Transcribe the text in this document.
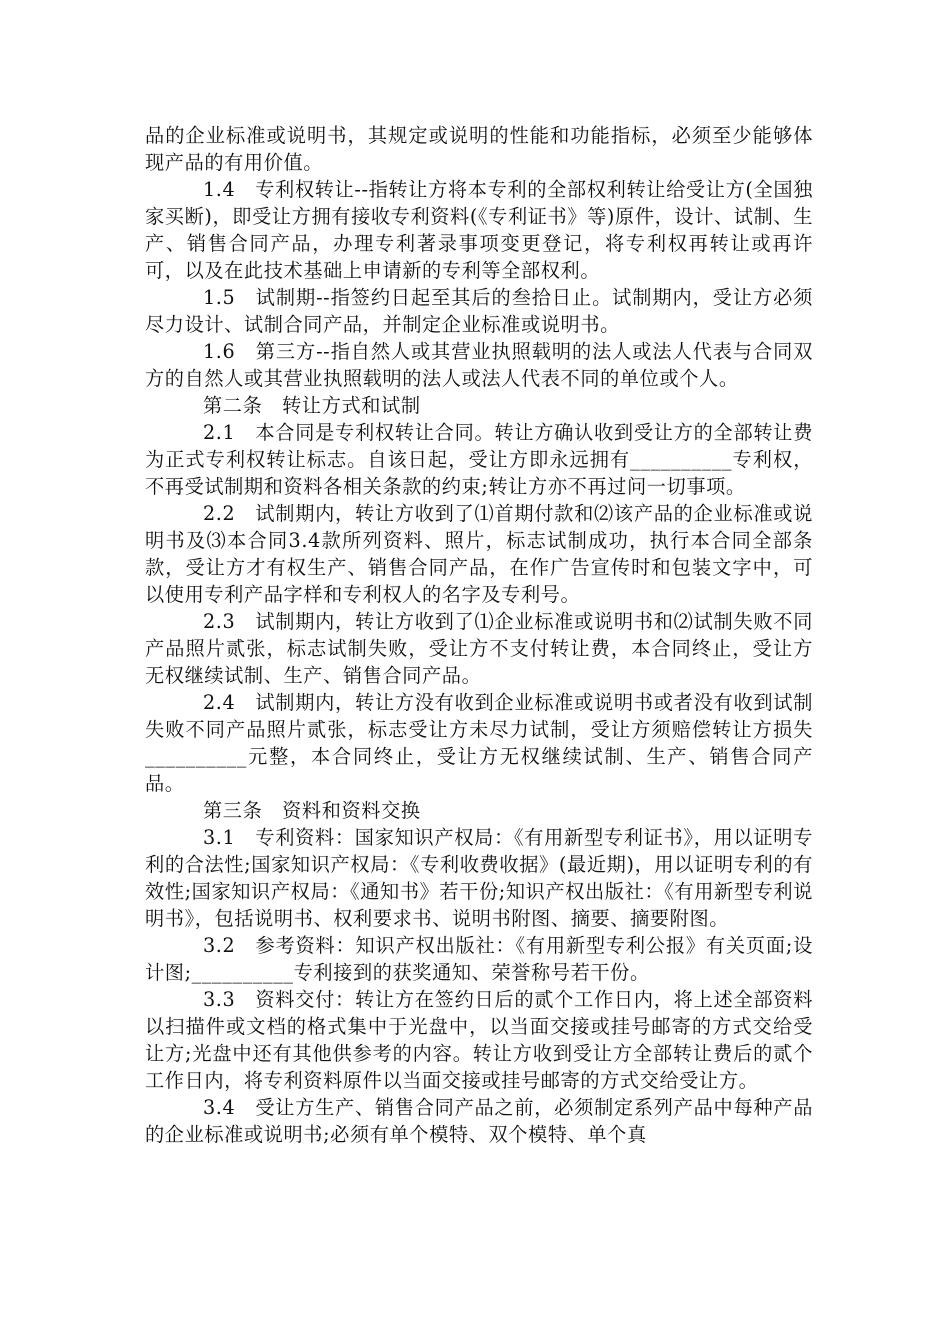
品的企业标准或说明书，其规定或说明的性能和功能指标，必须至少能够体现产品的有用价值。

1.4　专利权转让--指转让方将本专利的全部权利转让给受让方(全国独家买断)，即受让方拥有接收专利资料(《专利证书》等)原件，设计、试制、生产、销售合同产品，办理专利著录事项变更登记，将专利权再转让或再许可，以及在此技术基础上申请新的专利等全部权利。

1.5　试制期--指签约日起至其后的叁拾日止。试制期内，受让方必须尽力设计、试制合同产品，并制定企业标准或说明书。

1.6　第三方--指自然人或其营业执照载明的法人或法人代表与合同双方的自然人或其营业执照载明的法人或法人代表不同的单位或个人。

第二条　转让方式和试制

2.1　本合同是专利权转让合同。转让方确认收到受让方的全部转让费为正式专利权转让标志。自该日起，受让方即永远拥有__________专利权，不再受试制期和资料各相关条款的约束;转让方亦不再过问一切事项。

2.2　试制期内，转让方收到了⑴首期付款和⑵该产品的企业标准或说明书及⑶本合同3.4款所列资料、照片，标志试制成功，执行本合同全部条款，受让方才有权生产、销售合同产品，在作广告宣传时和包装文字中，可以使用专利产品字样和专利权人的名字及专利号。

2.3　试制期内，转让方收到了⑴企业标准或说明书和⑵试制失败不同产品照片贰张，标志试制失败，受让方不支付转让费，本合同终止，受让方无权继续试制、生产、销售合同产品。

2.4　试制期内，转让方没有收到企业标准或说明书或者没有收到试制失败不同产品照片贰张，标志受让方未尽力试制，受让方须赔偿转让方损失__________元整，本合同终止，受让方无权继续试制、生产、销售合同产品。

第三条　资料和资料交换

3.1　专利资料：国家知识产权局：《有用新型专利证书》，用以证明专利的合法性;国家知识产权局：《专利收费收据》(最近期)，用以证明专利的有效性;国家知识产权局：《通知书》若干份;知识产权出版社：《有用新型专利说明书》，包括说明书、权利要求书、说明书附图、摘要、摘要附图。

3.2　参考资料：知识产权出版社：《有用新型专利公报》有关页面;设计图;__________专利接到的获奖通知、荣誉称号若干份。

3.3　资料交付：转让方在签约日后的贰个工作日内，将上述全部资料以扫描件或文档的格式集中于光盘中，以当面交接或挂号邮寄的方式交给受让方;光盘中还有其他供参考的内容。转让方收到受让方全部转让费后的贰个工作日内，将专利资料原件以当面交接或挂号邮寄的方式交给受让方。

3.4　受让方生产、销售合同产品之前，必须制定系列产品中每种产品的企业标准或说明书;必须有单个模特、双个模特、单个真
